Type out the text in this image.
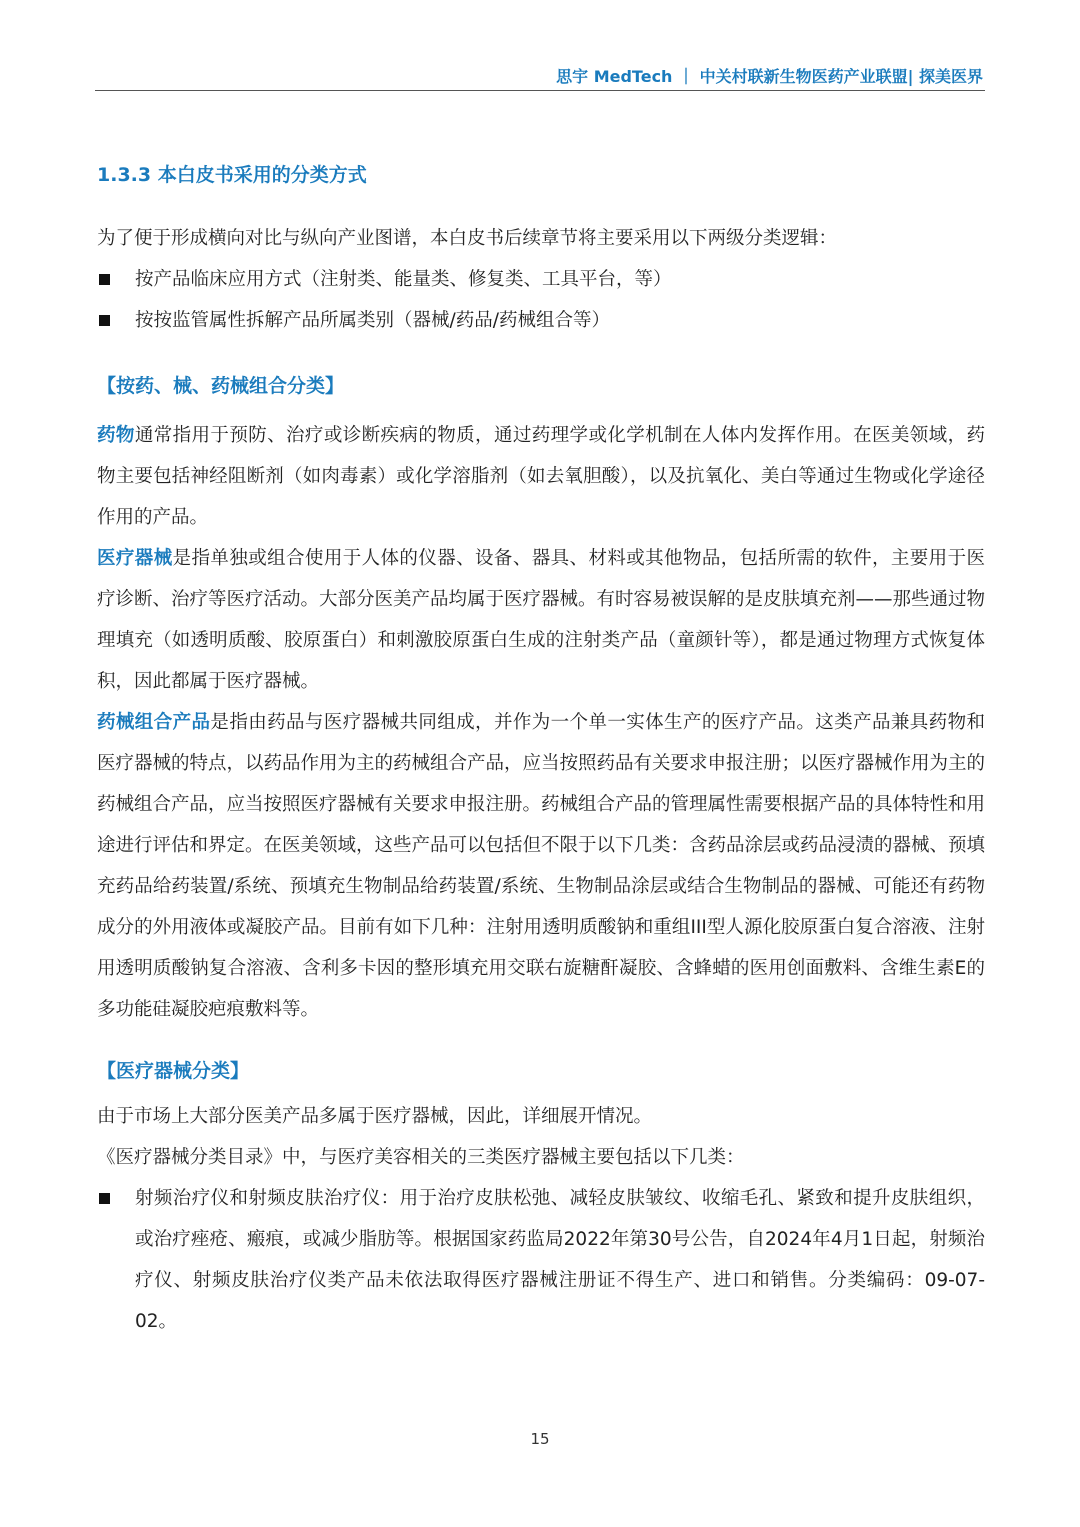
思宇 MedTech ｜ 中关村联新生物医药产业联盟| 探美医界
1.3.3 本白皮书采用的分类方式

为了便于形成横向对比与纵向产业图谱，本白皮书后续章节将主要采用以下两级分类逻辑：

按产品临床应用方式（注射类、能量类、修复类、工具平台，等）
按按监管属性拆解产品所属类别（器械/药品/药械组合等）
【按药、械、药械组合分类】

药物通常指用于预防、治疗或诊断疾病的物质，通过药理学或化学机制在人体内发挥作用。在医美领域，药物主要包括神经阻断剂（如肉毒素）或化学溶脂剂（如去氧胆酸），以及抗氧化、美白等通过生物或化学途径作用的产品。

医疗器械是指单独或组合使用于人体的仪器、设备、器具、材料或其他物品，包括所需的软件，主要用于医疗诊断、治疗等医疗活动。大部分医美产品均属于医疗器械。有时容易被误解的是皮肤填充剂——那些通过物理填充（如透明质酸、胶原蛋白）和刺激胶原蛋白生成的注射类产品（童颜针等），都是通过物理方式恢复体积，因此都属于医疗器械。

药械组合产品是指由药品与医疗器械共同组成，并作为一个单一实体生产的医疗产品。这类产品兼具药物和医疗器械的特点，以药品作用为主的药械组合产品，应当按照药品有关要求申报注册；以医疗器械作用为主的药械组合产品，应当按照医疗器械有关要求申报注册。药械组合产品的管理属性需要根据产品的具体特性和用途进行评估和界定。在医美领域，这些产品可以包括但不限于以下几类：含药品涂层或药品浸渍的器械、预填充药品给药装置/系统、预填充生物制品给药装置/系统、生物制品涂层或结合生物制品的器械、可能还有药物成分的外用液体或凝胶产品。目前有如下几种：注射用透明质酸钠和重组III型人源化胶原蛋白复合溶液、注射用透明质酸钠复合溶液、含利多卡因的整形填充用交联右旋糖酐凝胶、含蜂蜡的医用创面敷料、含维生素E的多功能硅凝胶疤痕敷料等。

【医疗器械分类】

由于市场上大部分医美产品多属于医疗器械，因此，详细展开情况。

《医疗器械分类目录》中，与医疗美容相关的三类医疗器械主要包括以下几类：

射频治疗仪和射频皮肤治疗仪：用于治疗皮肤松弛、减轻皮肤皱纹、收缩毛孔、紧致和提升皮肤组织，或治疗痤疮、瘢痕，或减少脂肪等。根据国家药监局2022年第30号公告，自2024年4月1日起，射频治疗仪、射频皮肤治疗仪类产品未依法取得医疗器械注册证不得生产、进口和销售。分类编码：09-07-02。
15
